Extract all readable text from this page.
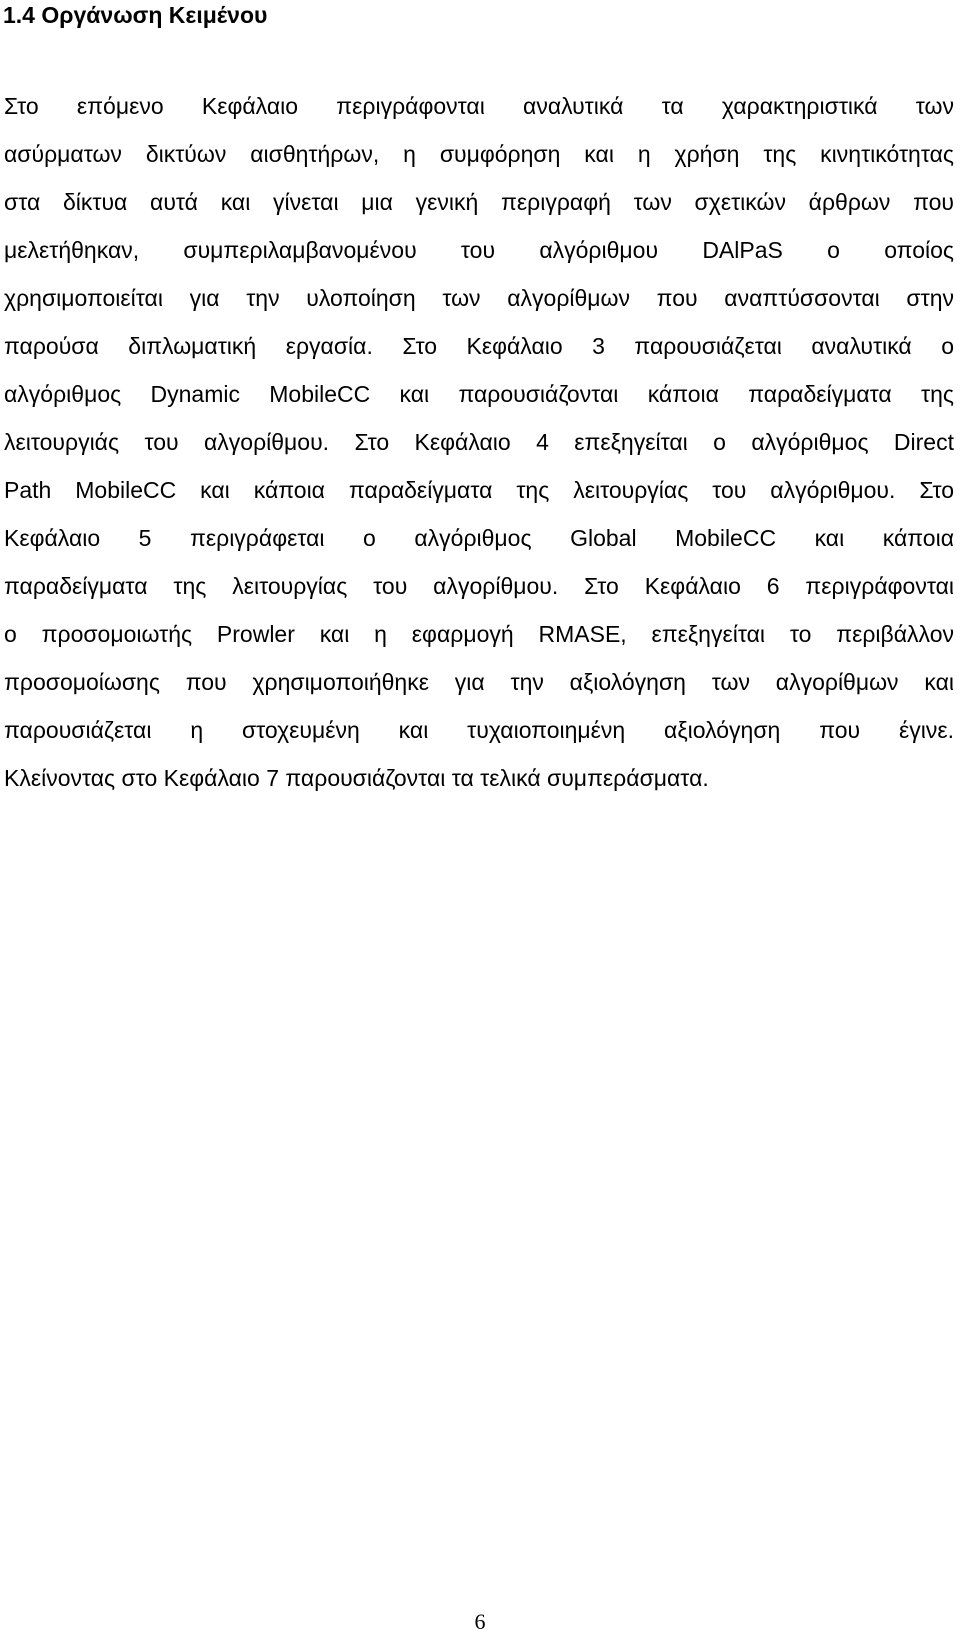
1.4 Οργάνωση Κειμένου

Στο επόμενο Κεφάλαιο περιγράφονται αναλυτικά τα χαρακτηριστικά των
ασύρματων δικτύων αισθητήρων, η συμφόρηση και η χρήση της κινητικότητας
στα δίκτυα αυτά και γίνεται μια γενική περιγραφή των σχετικών άρθρων που
μελετήθηκαν, συμπεριλαμβανομένου του αλγόριθμου DAlPaS ο οποίος
χρησιμοποιείται για την υλοποίηση των αλγορίθμων που αναπτύσσονται στην
παρούσα διπλωματική εργασία. Στο Κεφάλαιο 3 παρουσιάζεται αναλυτικά ο
αλγόριθμος Dynamic MobileCC και παρουσιάζονται κάποια παραδείγματα της
λειτουργιάς του αλγορίθμου. Στο Κεφάλαιο 4 επεξηγείται ο αλγόριθμος Direct
Path MobileCC και κάποια παραδείγματα της λειτουργίας του αλγόριθμου. Στο
Κεφάλαιο 5 περιγράφεται ο αλγόριθμος Global MobileCC και κάποια
παραδείγματα της λειτουργίας του αλγορίθμου. Στο Κεφάλαιο 6 περιγράφονται
ο προσομοιωτής Prowler και η εφαρμογή RMASE, επεξηγείται το περιβάλλον
προσομοίωσης που χρησιμοποιήθηκε για την αξιολόγηση των αλγορίθμων και
παρουσιάζεται η στοχευμένη και τυχαιοποιημένη αξιολόγηση που έγινε.
Κλείνοντας στο Κεφάλαιο 7 παρουσιάζονται τα τελικά συμπεράσματα.

6
